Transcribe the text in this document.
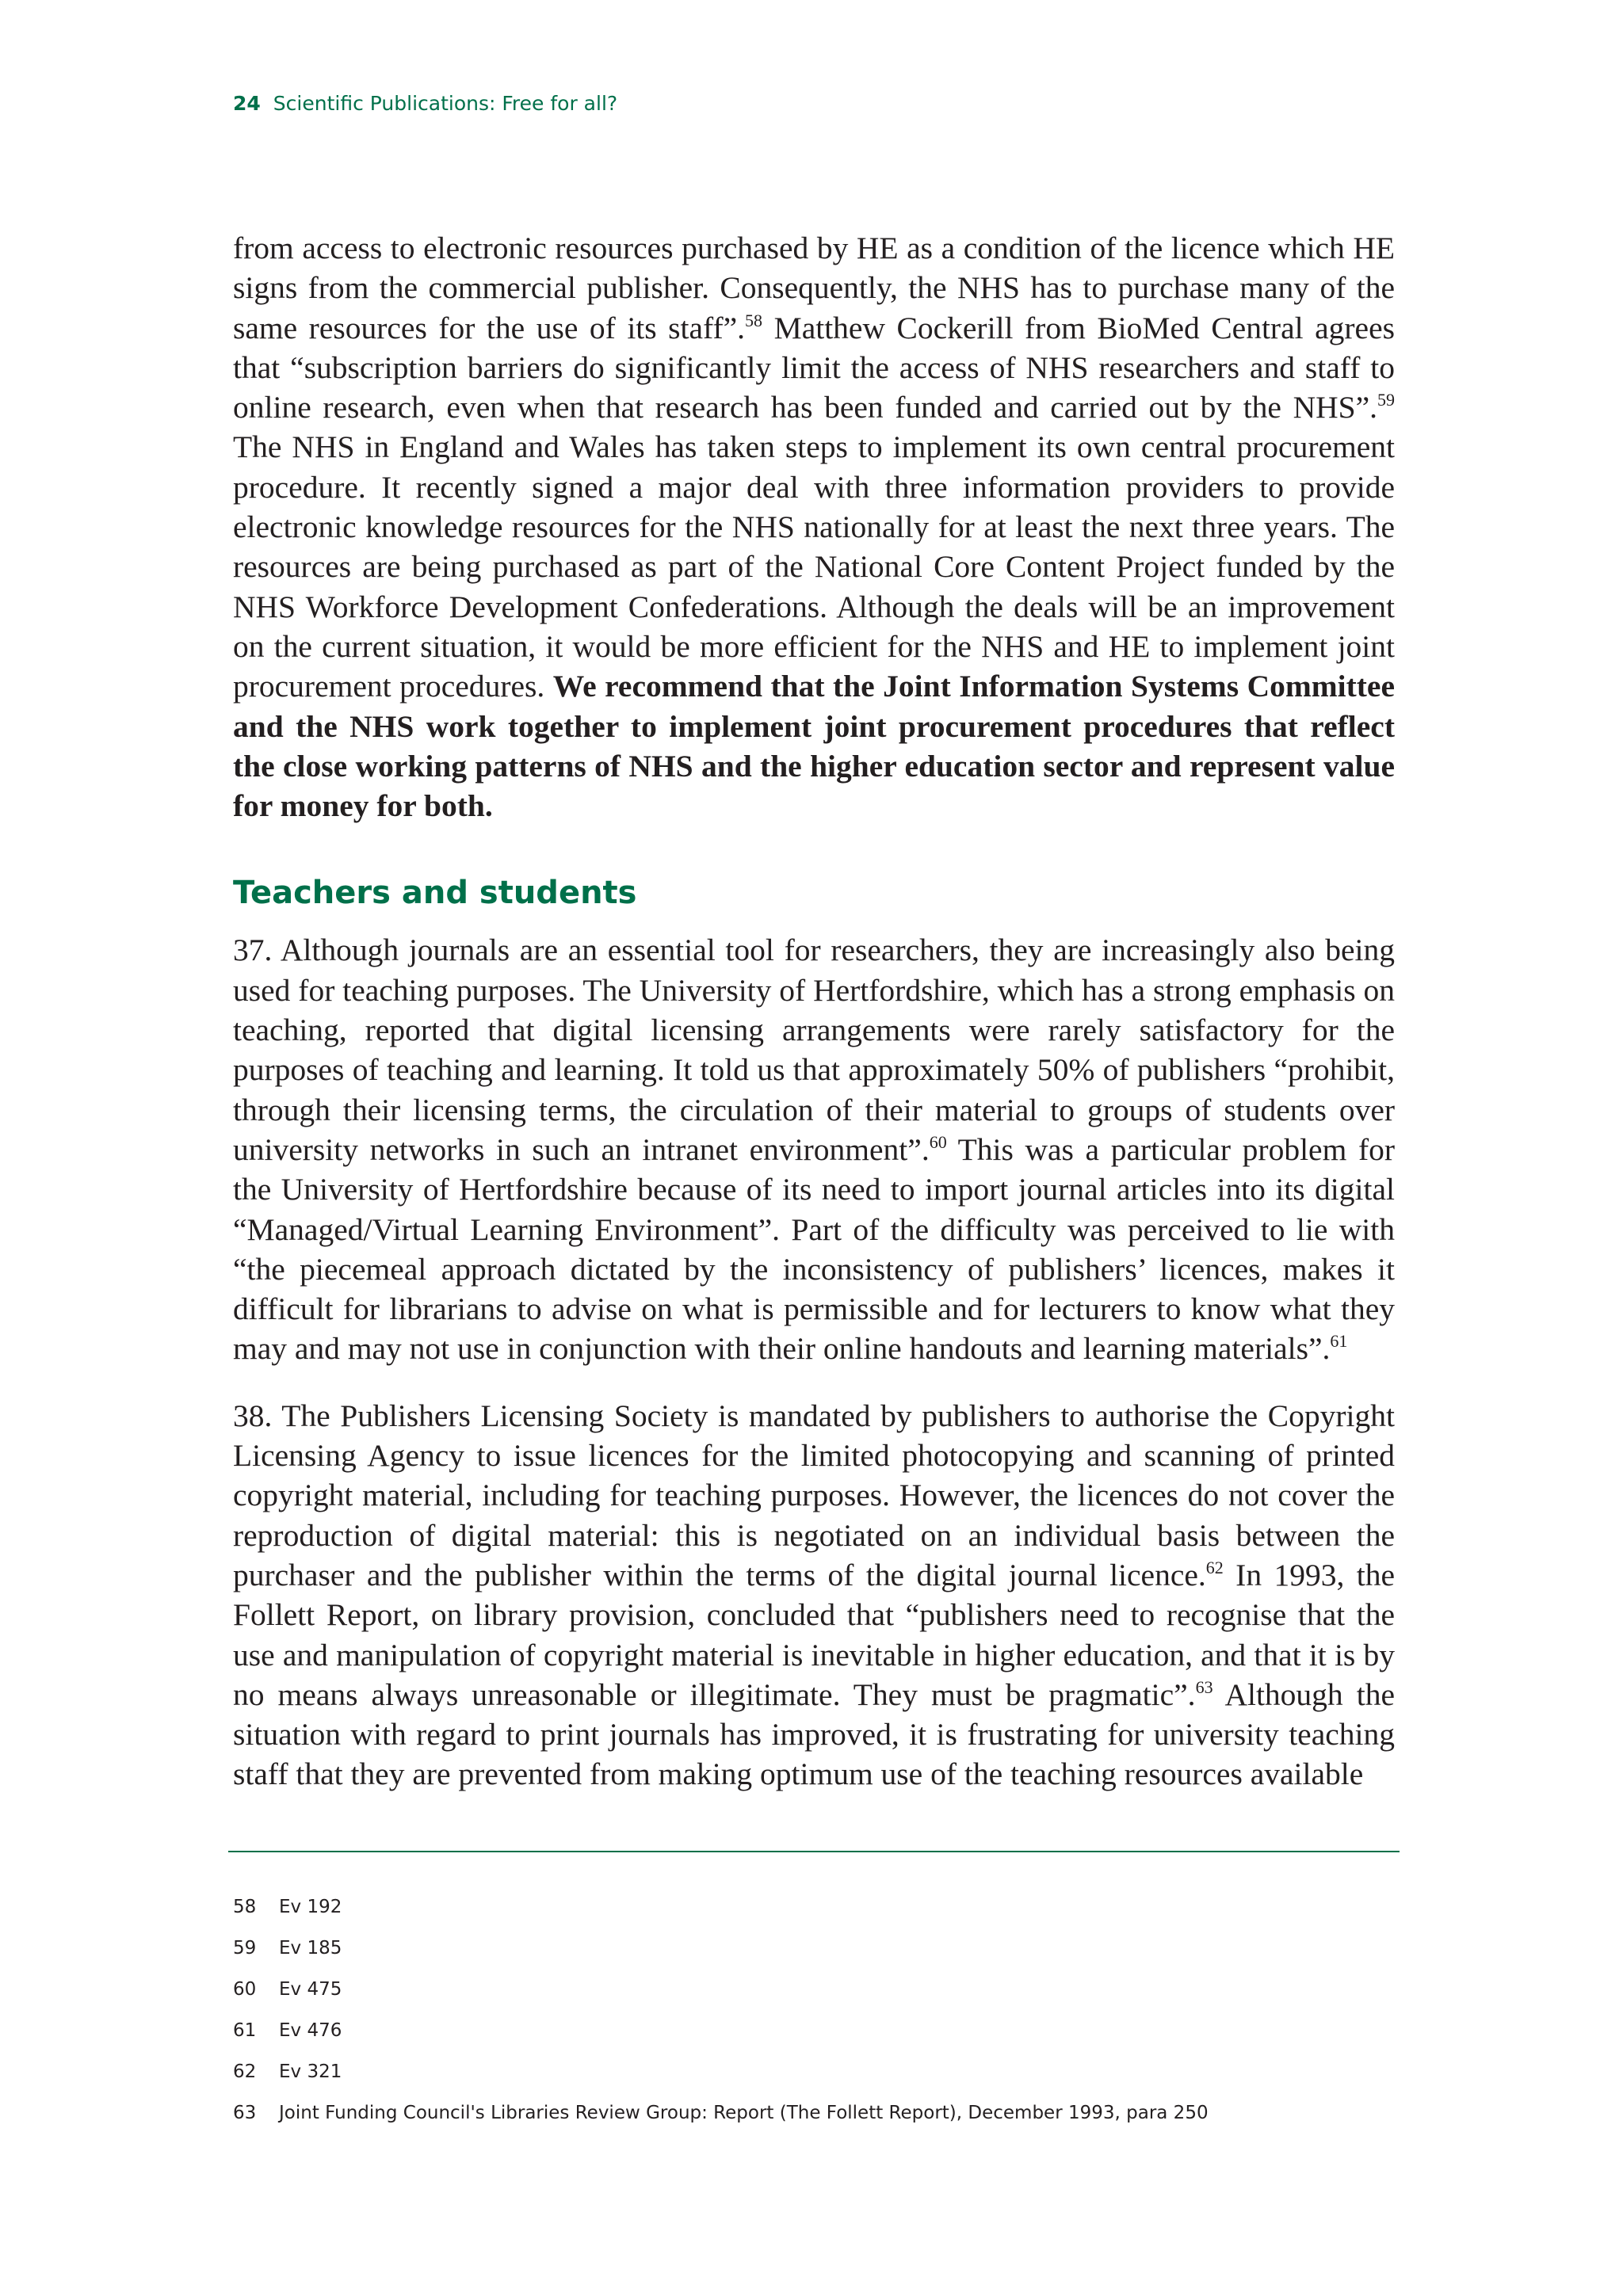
24 Scientific Publications: Free for all?

from access to electronic resources purchased by HE as a condition of the licence which HE signs from the commercial publisher. Consequently, the NHS has to purchase many of the same resources for the use of its staff”.$^{58}$ Matthew Cockerill from BioMed Central agrees that “subscription barriers do significantly limit the access of NHS researchers and staff to online research, even when that research has been funded and carried out by the NHS”.$^{59}$ The NHS in England and Wales has taken steps to implement its own central procurement procedure. It recently signed a major deal with three information providers to provide electronic knowledge resources for the NHS nationally for at least the next three years. The resources are being purchased as part of the National Core Content Project funded by the NHS Workforce Development Confederations. Although the deals will be an improvement on the current situation, it would be more efficient for the NHS and HE to implement joint procurement procedures. We recommend that the Joint Information Systems Committee and the NHS work together to implement joint procurement procedures that reflect the close working patterns of NHS and the higher education sector and represent value for money for both.

Teachers and students

37. Although journals are an essential tool for researchers, they are increasingly also being used for teaching purposes. The University of Hertfordshire, which has a strong emphasis on teaching, reported that digital licensing arrangements were rarely satisfactory for the purposes of teaching and learning. It told us that approximately 50% of publishers “prohibit, through their licensing terms, the circulation of their material to groups of students over university networks in such an intranet environment”.$^{60}$ This was a particular problem for the University of Hertfordshire because of its need to import journal articles into its digital “Managed/Virtual Learning Environment”. Part of the difficulty was perceived to lie with “the piecemeal approach dictated by the inconsistency of publishers’ licences, makes it difficult for librarians to advise on what is permissible and for lecturers to know what they may and may not use in conjunction with their online handouts and learning materials”.$^{61}$

38. The Publishers Licensing Society is mandated by publishers to authorise the Copyright Licensing Agency to issue licences for the limited photocopying and scanning of printed copyright material, including for teaching purposes. However, the licences do not cover the reproduction of digital material: this is negotiated on an individual basis between the purchaser and the publisher within the terms of the digital journal licence.$^{62}$ In 1993, the Follett Report, on library provision, concluded that “publishers need to recognise that the use and manipulation of copyright material is inevitable in higher education, and that it is by no means always unreasonable or illegitimate. They must be pragmatic”.$^{63}$ Although the situation with regard to print journals has improved, it is frustrating for university teaching staff that they are prevented from making optimum use of the teaching resources available

58 Ev 192
59 Ev 185
60 Ev 475
61 Ev 476
62 Ev 321
63 Joint Funding Council's Libraries Review Group: Report (The Follett Report), December 1993, para 250
